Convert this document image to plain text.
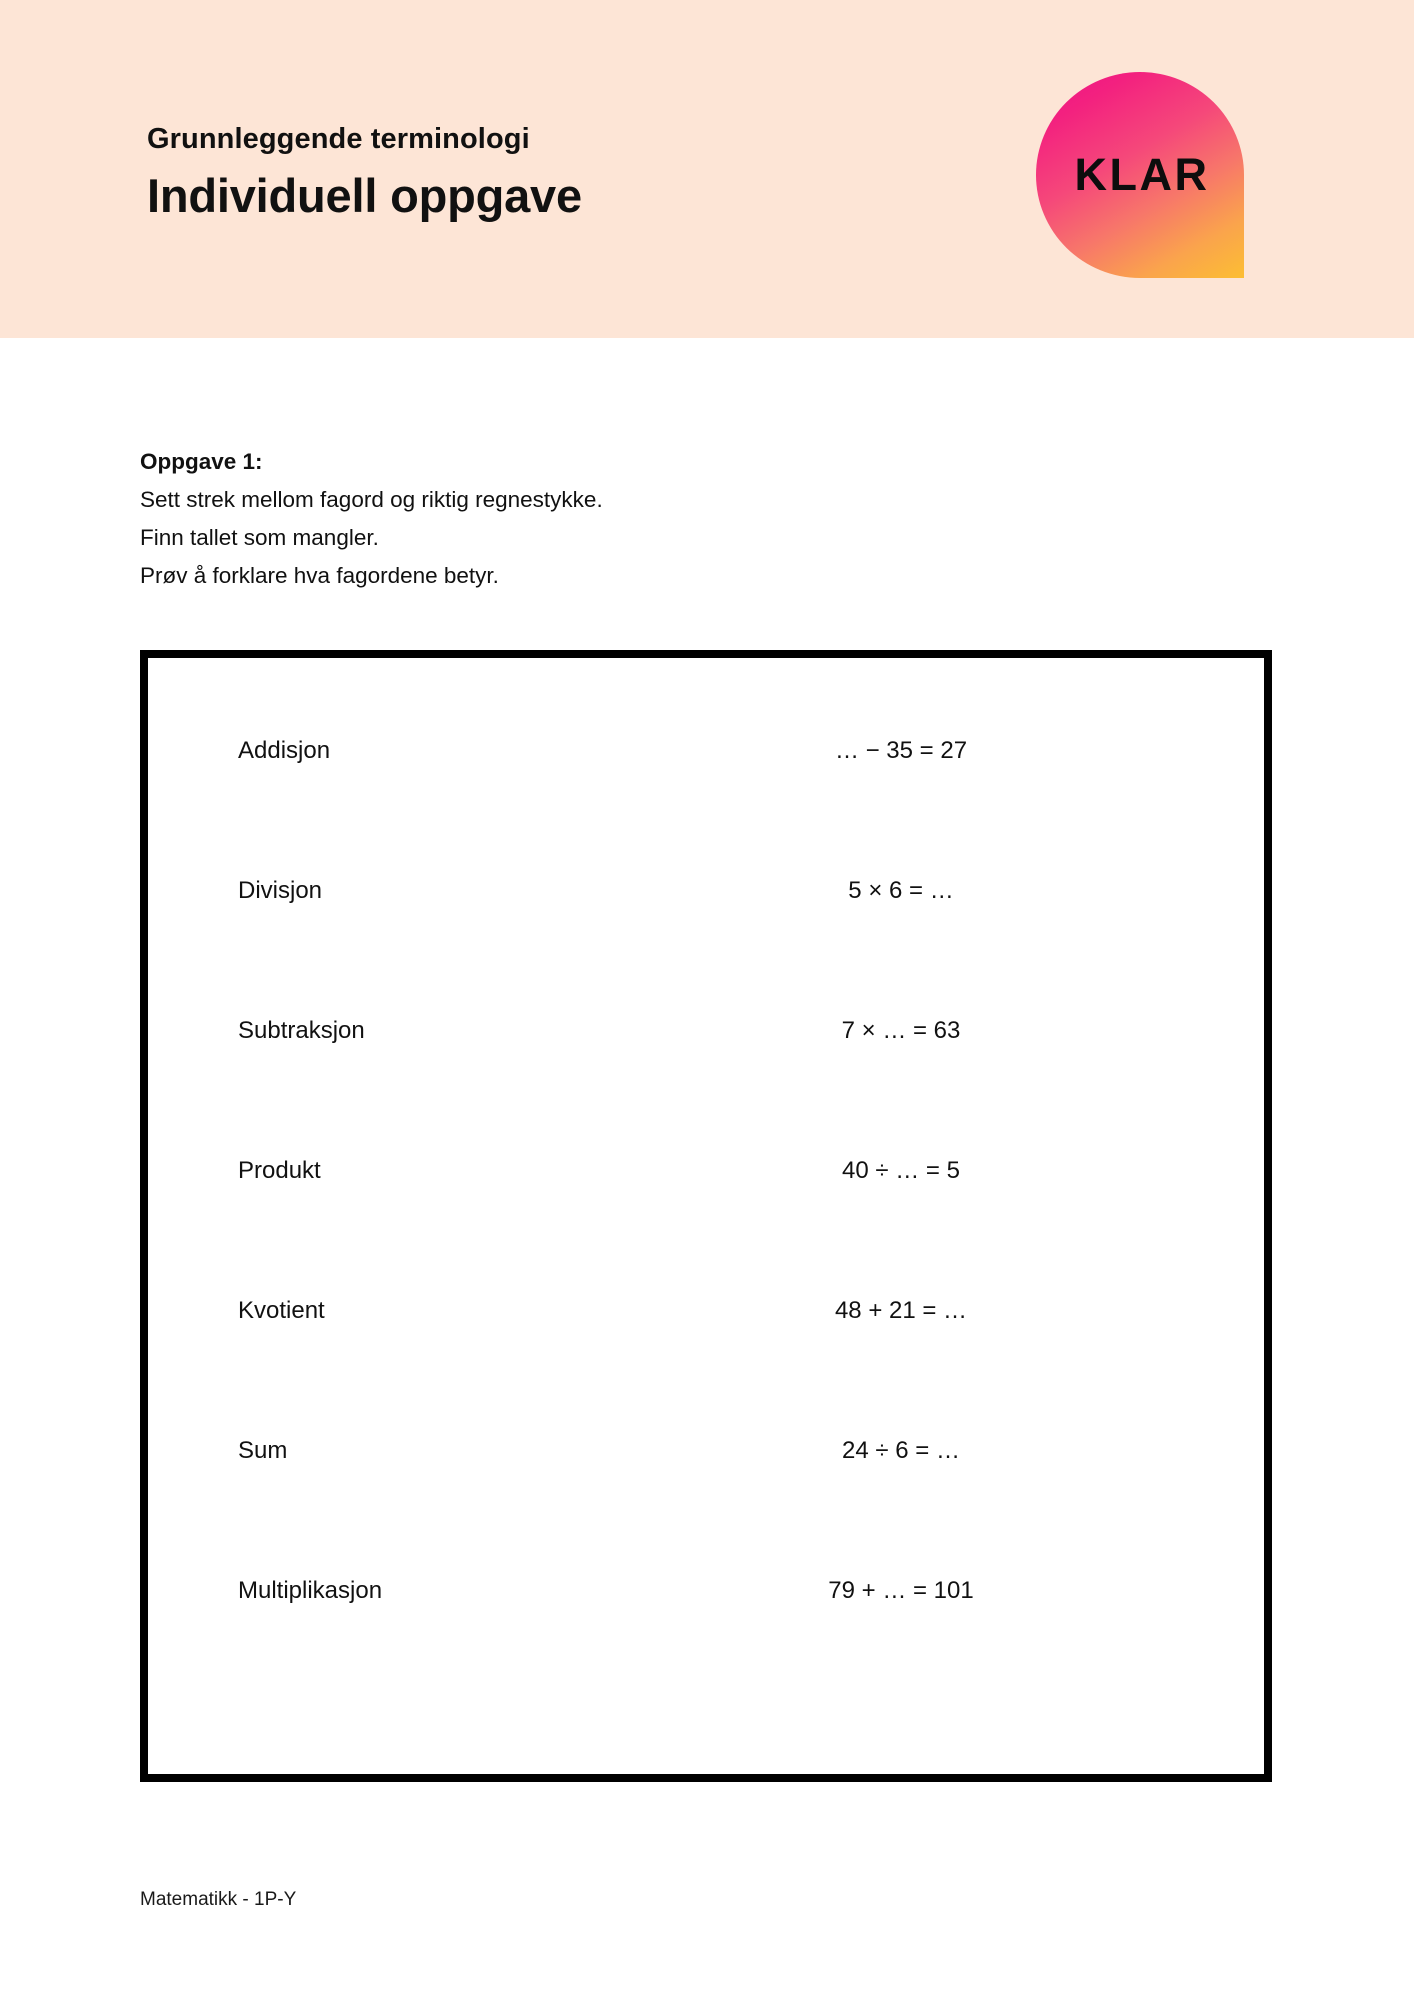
Grunnleggende terminologi
Individuell oppgave	KLAR
Oppgave 1:
Sett strek mellom fagord og riktig regnestykke.
Finn tallet som mangler.
Prøv å forklare hva fagordene betyr.
Addisjon	… − 35 = 27
Divisjon	5 × 6 = …
Subtraksjon	7 × … = 63
Produkt	40 ÷ … = 5
Kvotient	48 + 21 = …
Sum	24 ÷ 6 = …
Multiplikasjon	79 + … = 101
Matematikk - 1P-Y
